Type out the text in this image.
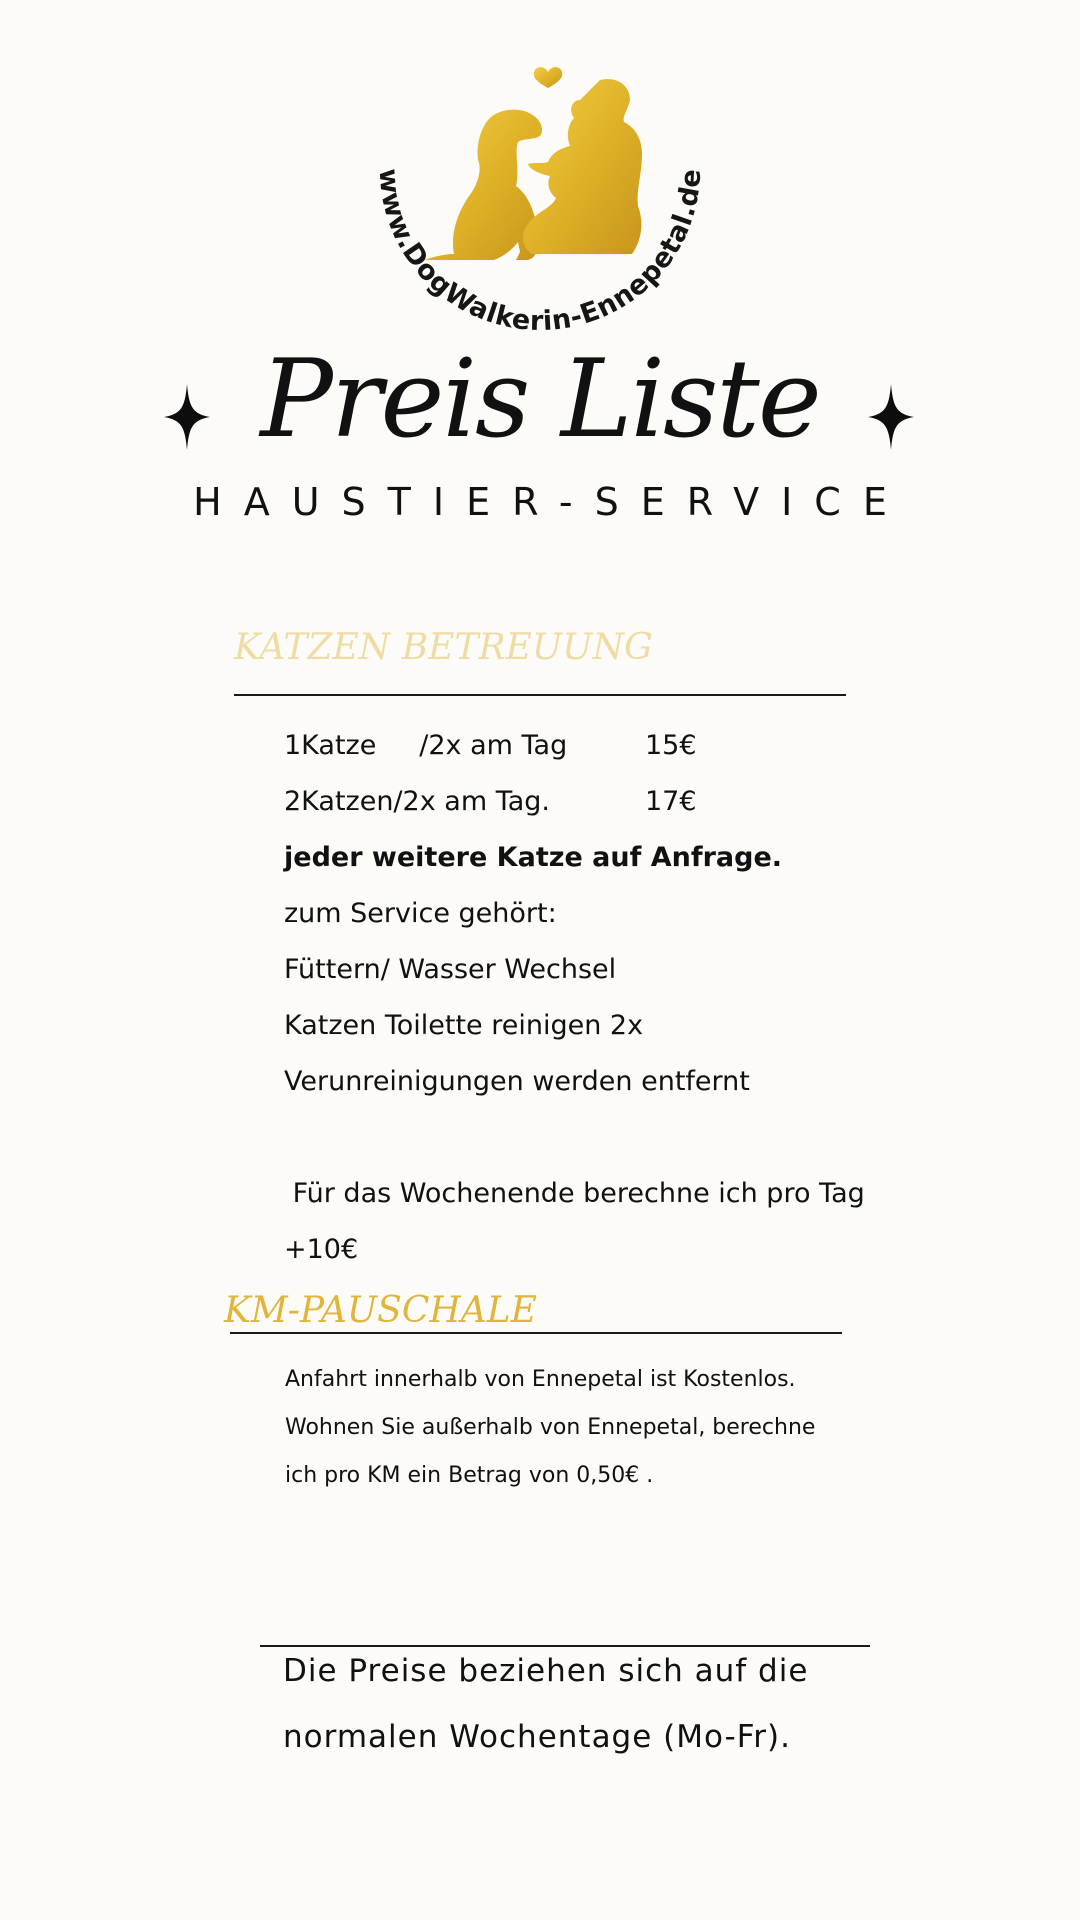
www.DogWalkerin-Ennepetal.de
Preis Liste
HAUSTIER-SERVICE
KATZEN BETREUUNG
1Katze     /2x am Tag	15€
2Katzen/2x am Tag.	17€
jeder weitere Katze auf Anfrage.
zum Service gehört:
Füttern/ Wasser Wechsel
Katzen Toilette reinigen 2x
Verunreinigungen werden entfernt
Für das Wochenende berechne ich pro Tag
+10€
KM-PAUSCHALE
Anfahrt innerhalb von Ennepetal ist Kostenlos.
Wohnen Sie außerhalb von Ennepetal, berechne
ich pro KM ein Betrag von 0,50€ .
Die Preise beziehen sich auf die
normalen Wochentage (Mo-Fr).
